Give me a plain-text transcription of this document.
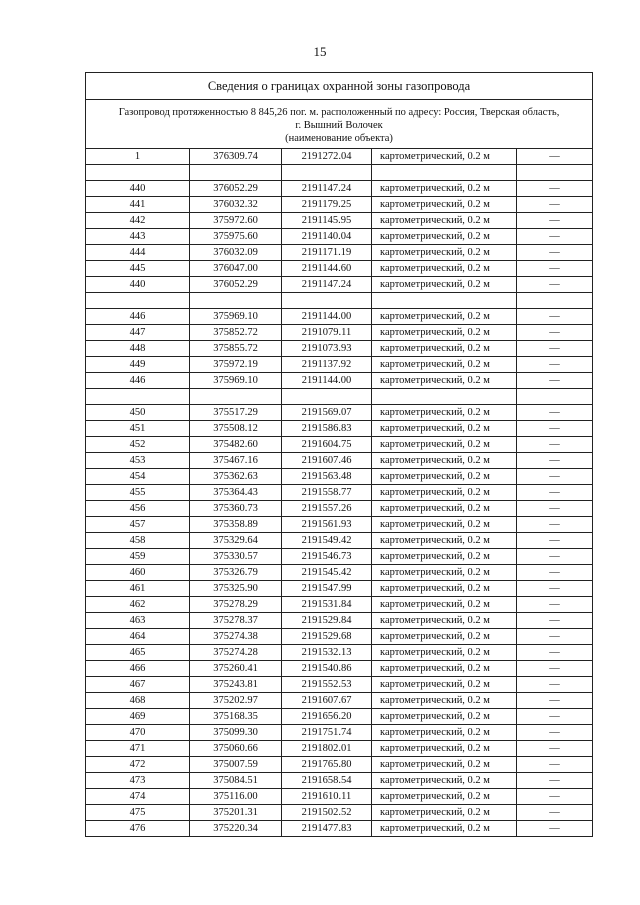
15
Сведения о границах охранной зоны газопровода				

Газопровод протяженностью 8 845,26 пог. м. расположенный по адресу: Россия, Тверская область,
г. Вышний Волочек
(наименование объекта)				

1	376309.74	2191272.04	картометрический, 0.2 м	—

440	376052.29	2191147.24	картометрический, 0.2 м	—
441	376032.32	2191179.25	картометрический, 0.2 м	—
442	375972.60	2191145.95	картометрический, 0.2 м	—
443	375975.60	2191140.04	картометрический, 0.2 м	—
444	376032.09	2191171.19	картометрический, 0.2 м	—
445	376047.00	2191144.60	картометрический, 0.2 м	—
440	376052.29	2191147.24	картометрический, 0.2 м	—

446	375969.10	2191144.00	картометрический, 0.2 м	—
447	375852.72	2191079.11	картометрический, 0.2 м	—
448	375855.72	2191073.93	картометрический, 0.2 м	—
449	375972.19	2191137.92	картометрический, 0.2 м	—
446	375969.10	2191144.00	картометрический, 0.2 м	—

450	375517.29	2191569.07	картометрический, 0.2 м	—
451	375508.12	2191586.83	картометрический, 0.2 м	—
452	375482.60	2191604.75	картометрический, 0.2 м	—
453	375467.16	2191607.46	картометрический, 0.2 м	—
454	375362.63	2191563.48	картометрический, 0.2 м	—
455	375364.43	2191558.77	картометрический, 0.2 м	—
456	375360.73	2191557.26	картометрический, 0.2 м	—
457	375358.89	2191561.93	картометрический, 0.2 м	—
458	375329.64	2191549.42	картометрический, 0.2 м	—
459	375330.57	2191546.73	картометрический, 0.2 м	—
460	375326.79	2191545.42	картометрический, 0.2 м	—
461	375325.90	2191547.99	картометрический, 0.2 м	—
462	375278.29	2191531.84	картометрический, 0.2 м	—
463	375278.37	2191529.84	картометрический, 0.2 м	—
464	375274.38	2191529.68	картометрический, 0.2 м	—
465	375274.28	2191532.13	картометрический, 0.2 м	—
466	375260.41	2191540.86	картометрический, 0.2 м	—
467	375243.81	2191552.53	картометрический, 0.2 м	—
468	375202.97	2191607.67	картометрический, 0.2 м	—
469	375168.35	2191656.20	картометрический, 0.2 м	—
470	375099.30	2191751.74	картометрический, 0.2 м	—
471	375060.66	2191802.01	картометрический, 0.2 м	—
472	375007.59	2191765.80	картометрический, 0.2 м	—
473	375084.51	2191658.54	картометрический, 0.2 м	—
474	375116.00	2191610.11	картометрический, 0.2 м	—
475	375201.31	2191502.52	картометрический, 0.2 м	—
476	375220.34	2191477.83	картометрический, 0.2 м	—
